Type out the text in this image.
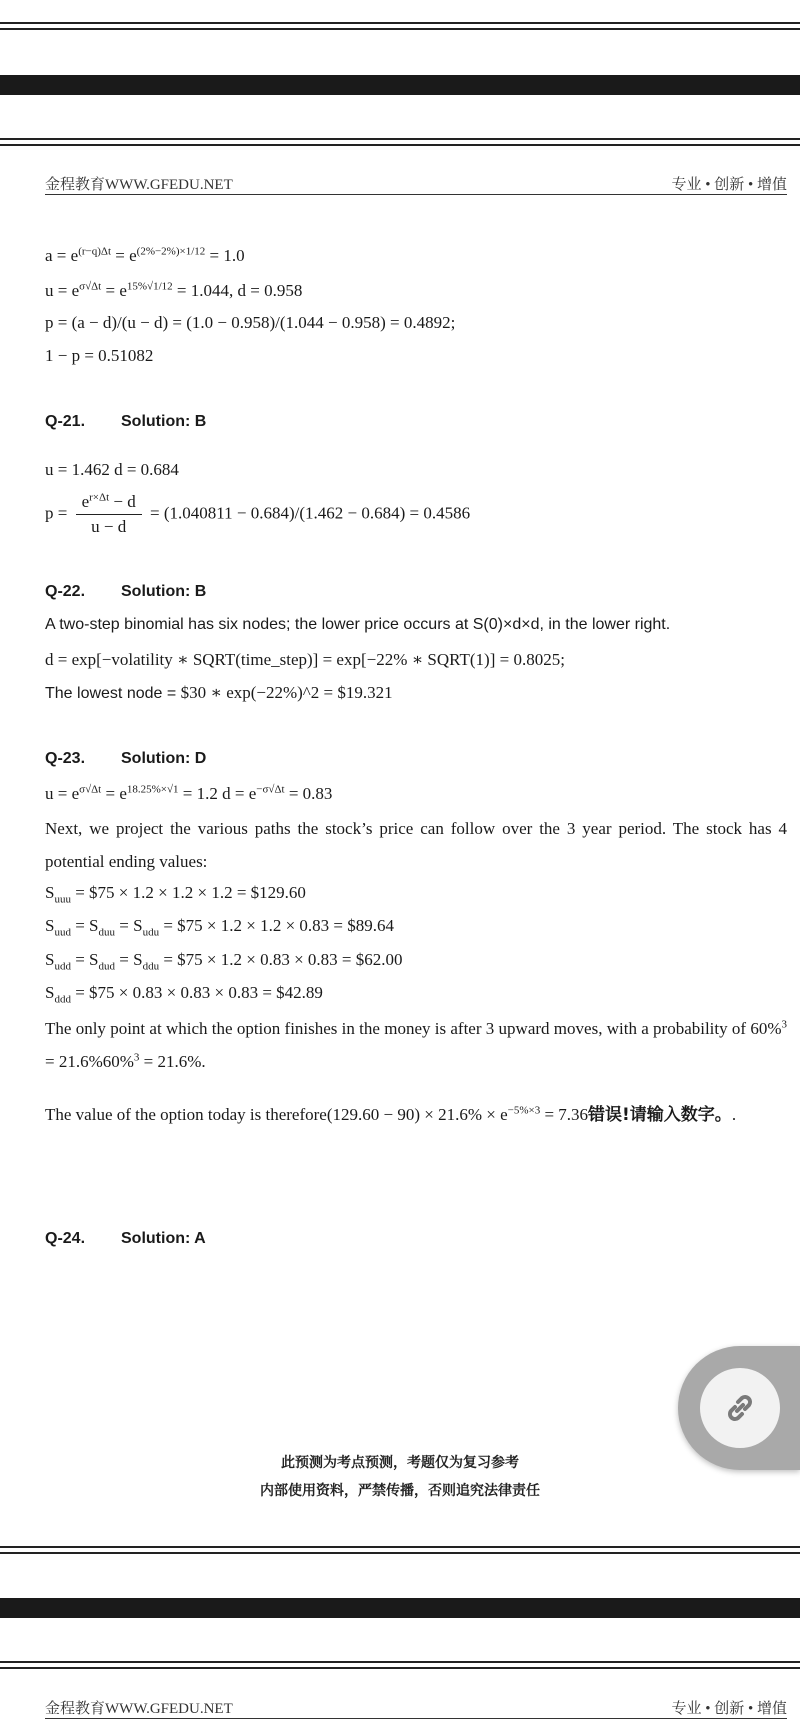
金程教育WWW.GFEDU.NET	专业 • 创新 • 增值
$a = e^{(r-q)\Delta t} = e^{(2\%-2\%)\times 1/12} = 1.0$
$u = e^{\sigma√\Delta t} = e^{15\%√1/12} = 1.044$, d = 0.958
p = (a − d)/(u − d) = (1.0 − 0.958)/(1.044 − 0.958) = 0.4892;
1 − p = 0.51082
Q-21. Solution: B
u = 1.462 d = 0.684
$p = \frac{e^{r\times\Delta t} - d}{u - d} = (1.040811 - 0.684)/(1.462 - 0.684) = 0.4586$
Q-22. Solution: B
A two-step binomial has six nodes; the lower price occurs at S(0)×d×d, in the lower right.
d = exp[−volatility ∗ SQRT(time_step)] = exp[−22% ∗ SQRT(1)] = 0.8025;
The lowest node = $30 ∗ exp(−22%)^2 = $19.321
Q-23. Solution: D
$u = e^{\sigma√\Delta t} = e^{18.25\%\times√1} = 1.2$ $d = e^{-\sigma√\Delta t} = 0.83$
Next, we project the various paths the stock’s price can follow over the 3 year period. The stock has 4 potential ending values:
$S_{uuu}$ = $75 × 1.2 × 1.2 × 1.2 = $129.60
$S_{uud} = S_{duu} = S_{udu}$ = $75 × 1.2 × 1.2 × 0.83 = $89.64
$S_{udd} = S_{dud} = S_{ddu}$ = $75 × 1.2 × 0.83 × 0.83 = $62.00
$S_{ddd}$ = $75 × 0.83 × 0.83 × 0.83 = $42.89
The only point at which the option finishes in the money is after 3 upward moves, with a probability of 60%$^3$ = 21.6%60%$^3$ = 21.6%.
The value of the option today is therefore(129.60 − $90) \times 21.6\% \times e^{-5\%\times 3} = 7.36$错误!请输入数字。.
Q-24. Solution: A
此预测为考点预测，考题仅为复习参考
内部使用资料，严禁传播，否则追究法律责任
金程教育WWW.GFEDU.NET	专业 • 创新 • 增值
